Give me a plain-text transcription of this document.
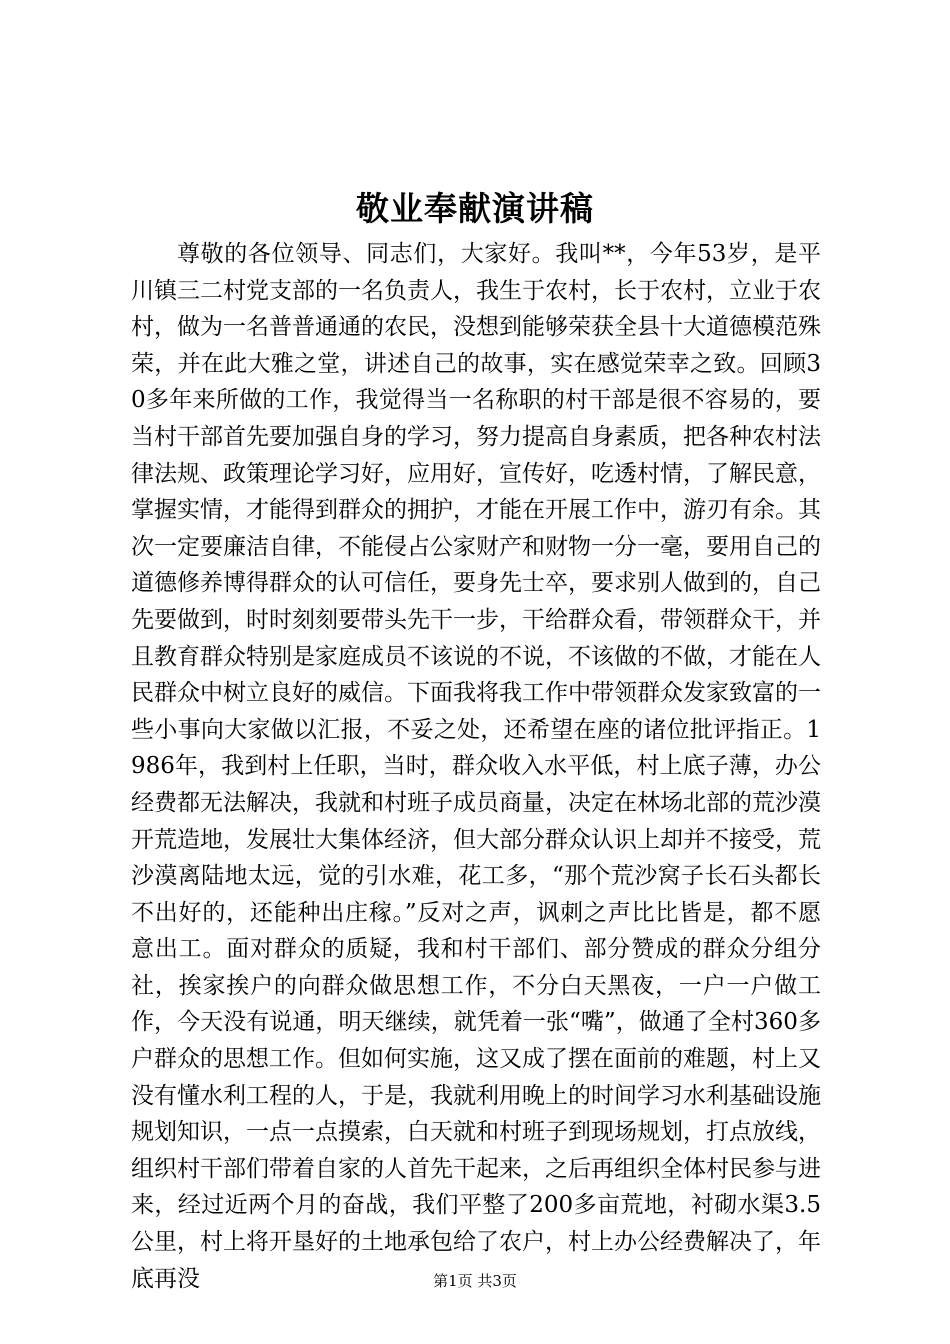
敬业奉献演讲稿

尊敬的各位领导、同志们，大家好。我叫**，今年53岁，是平川镇三二村党支部的一名负责人，我生于农村，长于农村，立业于农村，做为一名普普通通的农民，没想到能够荣获全县十大道德模范殊荣，并在此大雅之堂，讲述自己的故事，实在感觉荣幸之致。回顾30多年来所做的工作，我觉得当一名称职的村干部是很不容易的，要当村干部首先要加强自身的学习，努力提高自身素质，把各种农村法律法规、政策理论学习好，应用好，宣传好，吃透村情，了解民意，掌握实情，才能得到群众的拥护，才能在开展工作中，游刃有余。其次一定要廉洁自律，不能侵占公家财产和财物一分一毫，要用自己的道德修养博得群众的认可信任，要身先士卒，要求别人做到的，自己先要做到，时时刻刻要带头先干一步，干给群众看，带领群众干，并且教育群众特别是家庭成员不该说的不说，不该做的不做，才能在人民群众中树立良好的威信。下面我将我工作中带领群众发家致富的一些小事向大家做以汇报，不妥之处，还希望在座的诸位批评指正。1986年，我到村上任职，当时，群众收入水平低，村上底子薄，办公经费都无法解决，我就和村班子成员商量，决定在林场北部的荒沙漠开荒造地，发展壮大集体经济，但大部分群众认识上却并不接受，荒沙漠离陆地太远，觉的引水难，花工多，“那个荒沙窝子长石头都长不出好的，还能种出庄稼。”反对之声，讽刺之声比比皆是，都不愿意出工。面对群众的质疑，我和村干部们、部分赞成的群众分组分社，挨家挨户的向群众做思想工作，不分白天黑夜，一户一户做工作，今天没有说通，明天继续，就凭着一张“嘴”，做通了全村360多户群众的思想工作。但如何实施，这又成了摆在面前的难题，村上又没有懂水利工程的人，于是，我就利用晚上的时间学习水利基础设施规划知识，一点一点摸索，白天就和村班子到现场规划，打点放线，组织村干部们带着自家的人首先干起来，之后再组织全体村民参与进来，经过近两个月的奋战，我们平整了200多亩荒地，衬砌水渠3.5公里，村上将开垦好的土地承包给了农户，村上办公经费解决了，年底再没	第1页 共3页
